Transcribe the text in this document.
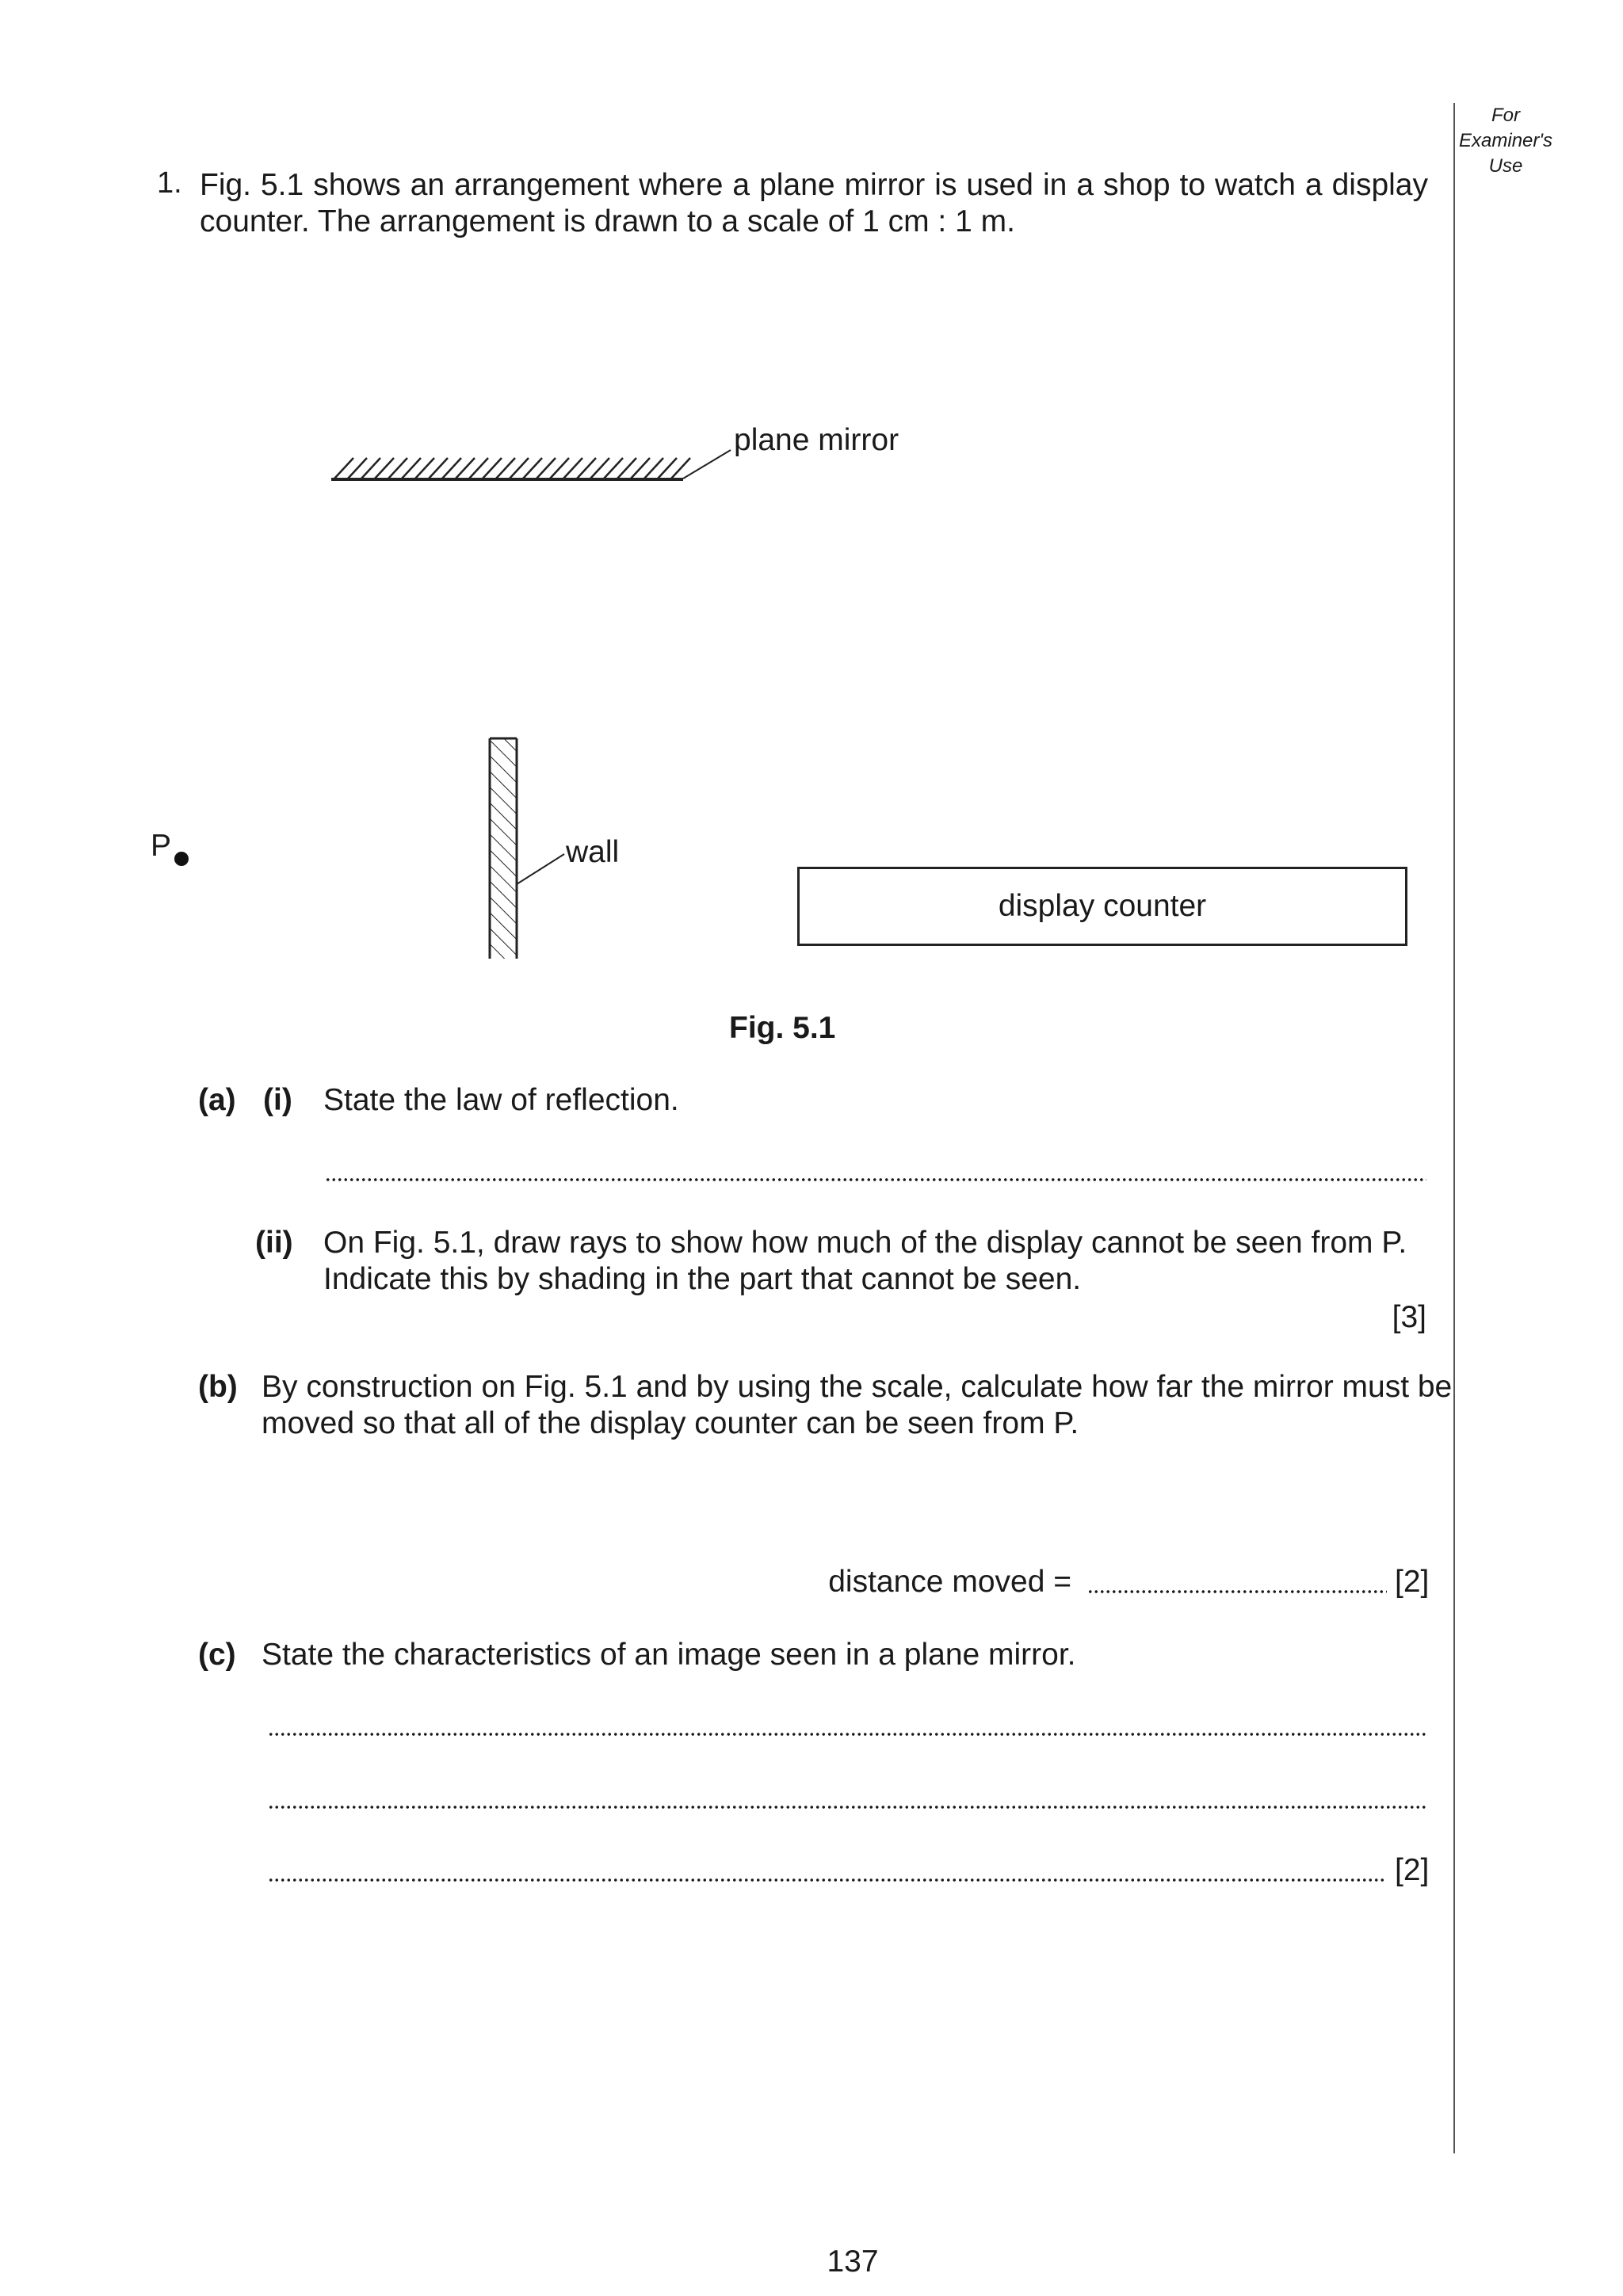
For
Examiner's
Use
1. Fig. 5.1 shows an arrangement where a plane mirror is used in a shop to watch a display
counter. The arrangement is drawn to a scale of 1 cm : 1 m.
plane mirror
wall
P
display counter
Fig. 5.1
(a) (i) State the law of reflection.
(ii) On Fig. 5.1, draw rays to show how much of the display cannot be seen from P.
Indicate this by shading in the part that cannot be seen.
[3]
(b) By construction on Fig. 5.1 and by using the scale, calculate how far the mirror must be
moved so that all of the display counter can be seen from P.
distance moved =	[2]
(c) State the characteristics of an image seen in a plane mirror.
[2]
137
